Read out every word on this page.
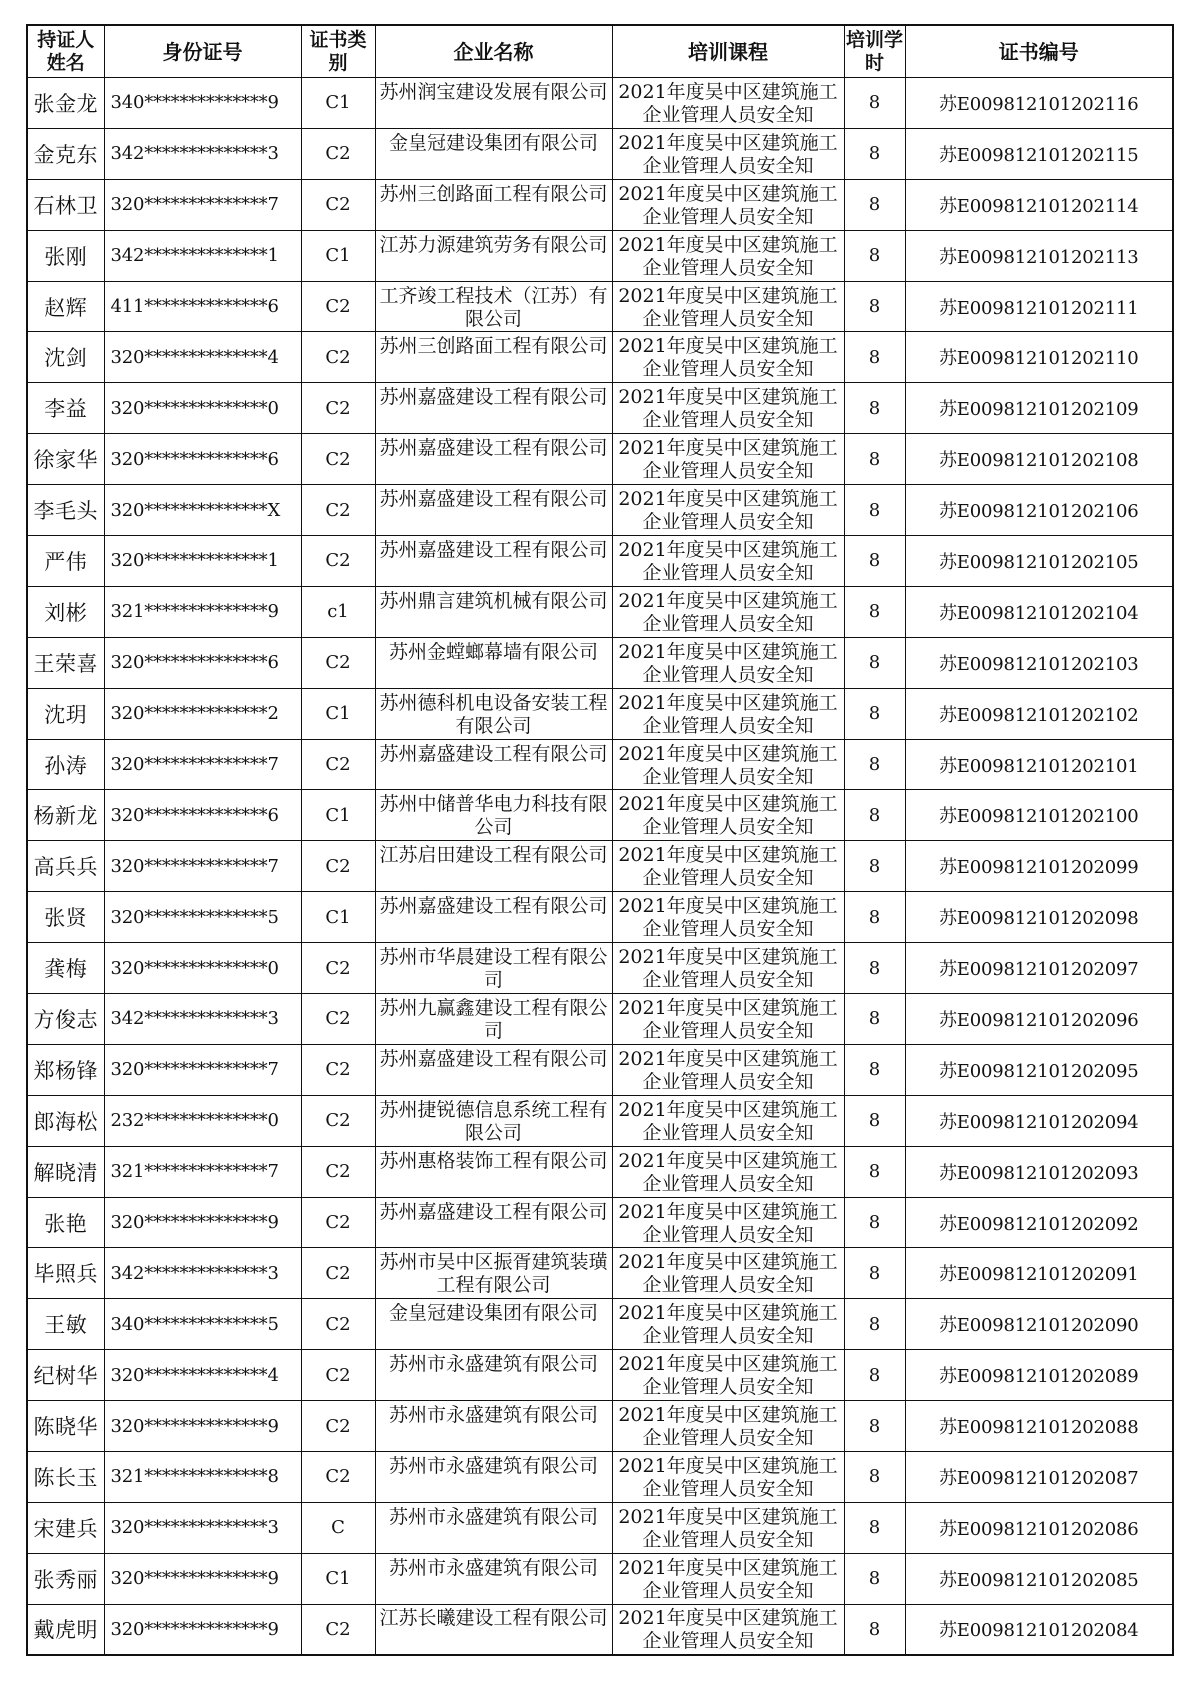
持证人姓名	身份证号	证书类别	企业名称	培训课程	培训学时	证书编号
张金龙	340**************9	C1	苏州润宝建设发展有限公司	2021年度吴中区建筑施工企业管理人员安全知	8	苏E009812101202116
金克东	342**************3	C2	金皇冠建设集团有限公司	2021年度吴中区建筑施工企业管理人员安全知	8	苏E009812101202115
石林卫	320**************7	C2	苏州三创路面工程有限公司	2021年度吴中区建筑施工企业管理人员安全知	8	苏E009812101202114
张刚	342**************1	C1	江苏力源建筑劳务有限公司	2021年度吴中区建筑施工企业管理人员安全知	8	苏E009812101202113
赵辉	411**************6	C2	工齐竣工程技术（江苏）有限公司	2021年度吴中区建筑施工企业管理人员安全知	8	苏E009812101202111
沈剑	320**************4	C2	苏州三创路面工程有限公司	2021年度吴中区建筑施工企业管理人员安全知	8	苏E009812101202110
李益	320**************0	C2	苏州嘉盛建设工程有限公司	2021年度吴中区建筑施工企业管理人员安全知	8	苏E009812101202109
徐家华	320**************6	C2	苏州嘉盛建设工程有限公司	2021年度吴中区建筑施工企业管理人员安全知	8	苏E009812101202108
李毛头	320**************X	C2	苏州嘉盛建设工程有限公司	2021年度吴中区建筑施工企业管理人员安全知	8	苏E009812101202106
严伟	320**************1	C2	苏州嘉盛建设工程有限公司	2021年度吴中区建筑施工企业管理人员安全知	8	苏E009812101202105
刘彬	321**************9	c1	苏州鼎言建筑机械有限公司	2021年度吴中区建筑施工企业管理人员安全知	8	苏E009812101202104
王荣喜	320**************6	C2	苏州金螳螂幕墙有限公司	2021年度吴中区建筑施工企业管理人员安全知	8	苏E009812101202103
沈玥	320**************2	C1	苏州德科机电设备安装工程有限公司	2021年度吴中区建筑施工企业管理人员安全知	8	苏E009812101202102
孙涛	320**************7	C2	苏州嘉盛建设工程有限公司	2021年度吴中区建筑施工企业管理人员安全知	8	苏E009812101202101
杨新龙	320**************6	C1	苏州中储普华电力科技有限公司	2021年度吴中区建筑施工企业管理人员安全知	8	苏E009812101202100
高兵兵	320**************7	C2	江苏启田建设工程有限公司	2021年度吴中区建筑施工企业管理人员安全知	8	苏E009812101202099
张贤	320**************5	C1	苏州嘉盛建设工程有限公司	2021年度吴中区建筑施工企业管理人员安全知	8	苏E009812101202098
龚梅	320**************0	C2	苏州市华晨建设工程有限公司	2021年度吴中区建筑施工企业管理人员安全知	8	苏E009812101202097
方俊志	342**************3	C2	苏州九赢鑫建设工程有限公司	2021年度吴中区建筑施工企业管理人员安全知	8	苏E009812101202096
郑杨锋	320**************7	C2	苏州嘉盛建设工程有限公司	2021年度吴中区建筑施工企业管理人员安全知	8	苏E009812101202095
郎海松	232**************0	C2	苏州捷锐德信息系统工程有限公司	2021年度吴中区建筑施工企业管理人员安全知	8	苏E009812101202094
解晓清	321**************7	C2	苏州惠格装饰工程有限公司	2021年度吴中区建筑施工企业管理人员安全知	8	苏E009812101202093
张艳	320**************9	C2	苏州嘉盛建设工程有限公司	2021年度吴中区建筑施工企业管理人员安全知	8	苏E009812101202092
毕照兵	342**************3	C2	苏州市吴中区振胥建筑装璜工程有限公司	2021年度吴中区建筑施工企业管理人员安全知	8	苏E009812101202091
王敏	340**************5	C2	金皇冠建设集团有限公司	2021年度吴中区建筑施工企业管理人员安全知	8	苏E009812101202090
纪树华	320**************4	C2	苏州市永盛建筑有限公司	2021年度吴中区建筑施工企业管理人员安全知	8	苏E009812101202089
陈晓华	320**************9	C2	苏州市永盛建筑有限公司	2021年度吴中区建筑施工企业管理人员安全知	8	苏E009812101202088
陈长玉	321**************8	C2	苏州市永盛建筑有限公司	2021年度吴中区建筑施工企业管理人员安全知	8	苏E009812101202087
宋建兵	320**************3	C	苏州市永盛建筑有限公司	2021年度吴中区建筑施工企业管理人员安全知	8	苏E009812101202086
张秀丽	320**************9	C1	苏州市永盛建筑有限公司	2021年度吴中区建筑施工企业管理人员安全知	8	苏E009812101202085
戴虎明	320**************9	C2	江苏长曦建设工程有限公司	2021年度吴中区建筑施工企业管理人员安全知	8	苏E009812101202084
